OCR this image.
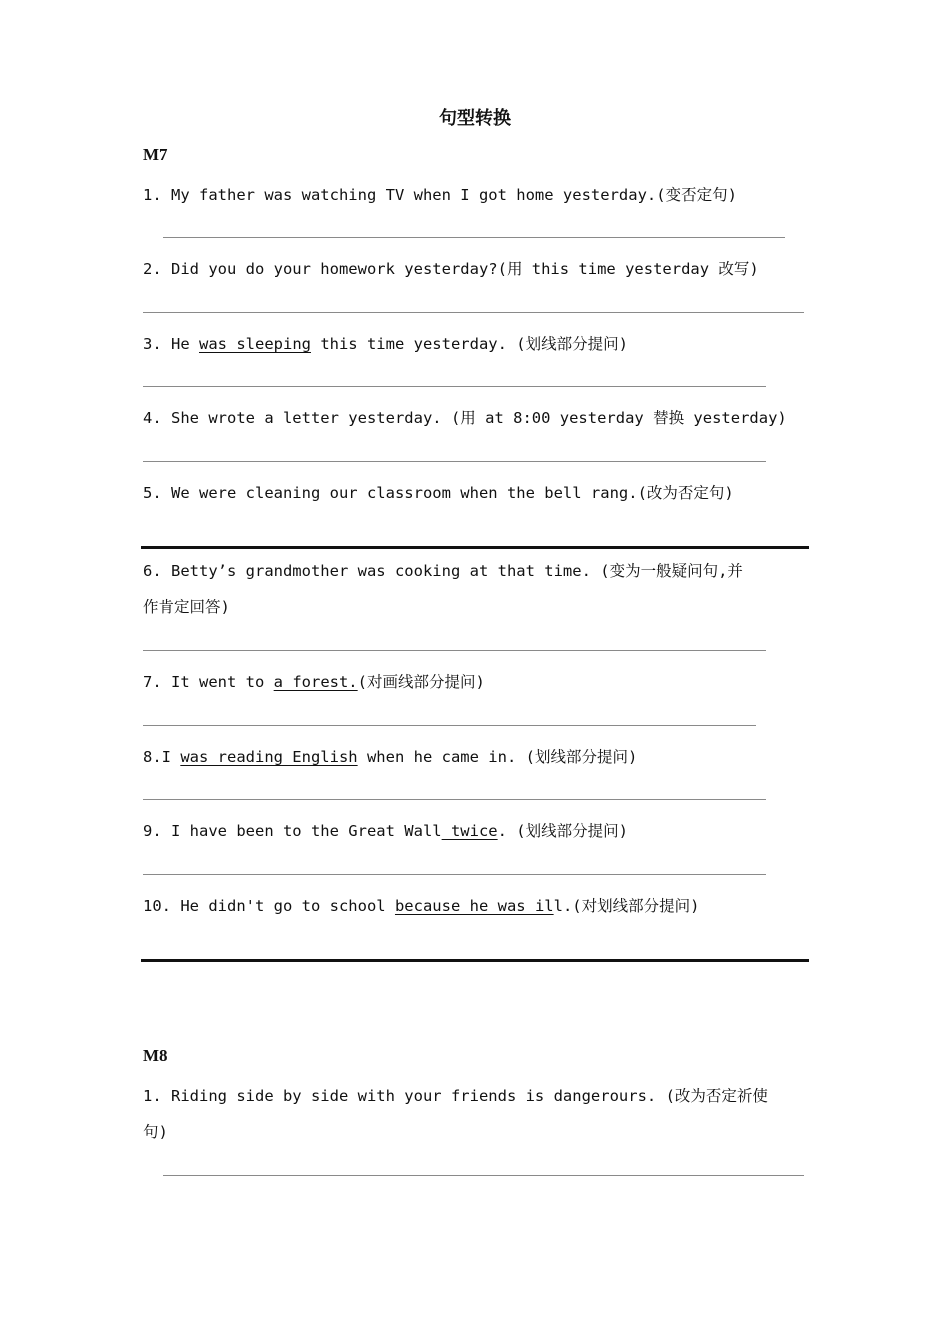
句型转换
M7
1. My father was watching TV when I got home yesterday.(变否定句)
2. Did you do your homework yesterday?(用 this time yesterday 改写)
3. He was sleeping this time yesterday. (划线部分提问)
4. She wrote a letter yesterday. (用 at 8:00 yesterday 替换 yesterday)
5. We were cleaning our classroom when the bell rang.(改为否定句)
6. Betty’s grandmother was cooking at that time. (变为一般疑问句,并
作肯定回答)
7. It went to a forest.(对画线部分提问)
8.I was reading English when he came in. (划线部分提问)
9. I have been to the Great Wall twice. (划线部分提问)
10. He didn't go to school because he was ill.(对划线部分提问)
M8
1. Riding side by side with your friends is dangerours. (改为否定祈使
句)
